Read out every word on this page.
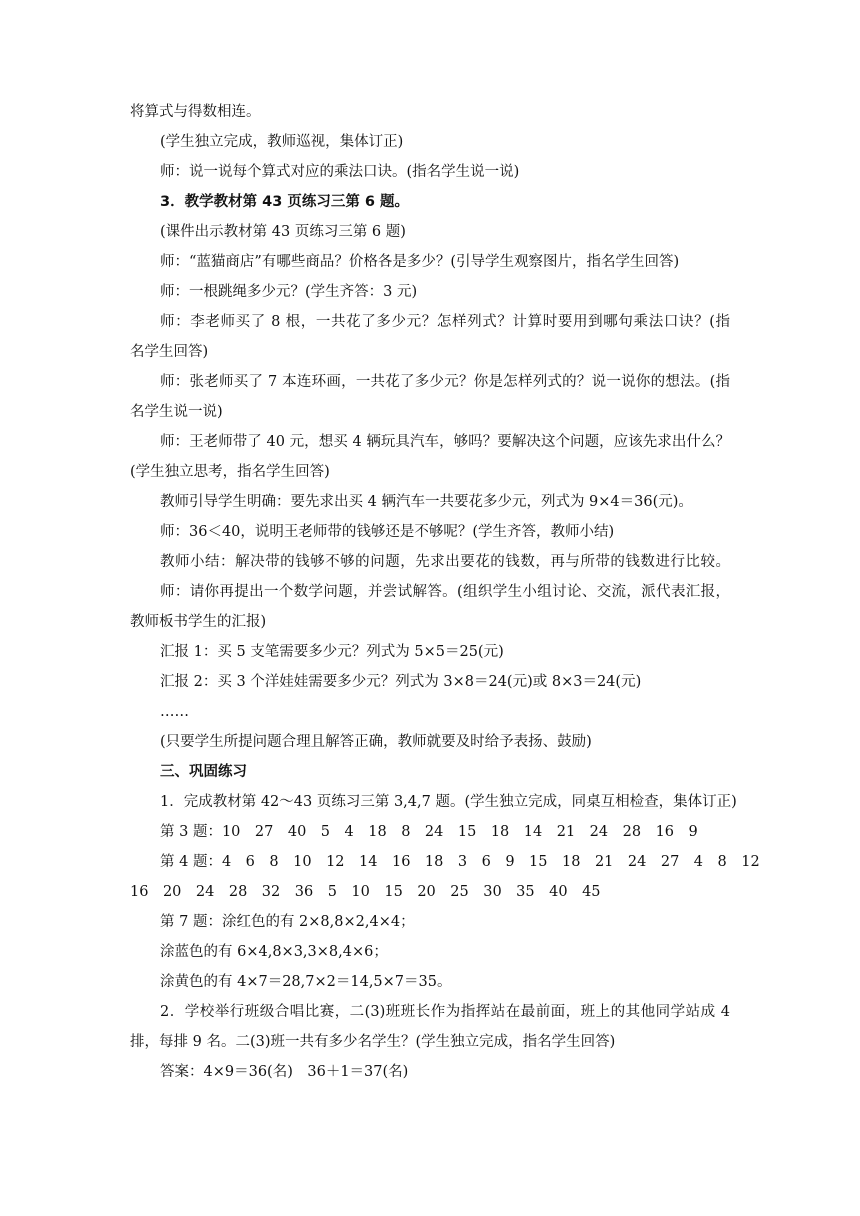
将算式与得数相连。
(学生独立完成，教师巡视，集体订正)
师：说一说每个算式对应的乘法口诀。(指名学生说一说)
3．教学教材第 43 页练习三第 6 题。
(课件出示教材第 43 页练习三第 6 题)
师：“蓝猫商店”有哪些商品？价格各是多少？(引导学生观察图片，指名学生回答)
师：一根跳绳多少元？(学生齐答：3 元)
师：李老师买了 8 根，一共花了多少元？怎样列式？计算时要用到哪句乘法口诀？(指
名学生回答)
师：张老师买了 7 本连环画，一共花了多少元？你是怎样列式的？说一说你的想法。(指
名学生说一说)
师：王老师带了 40 元，想买 4 辆玩具汽车，够吗？要解决这个问题，应该先求出什么？
(学生独立思考，指名学生回答)
教师引导学生明确：要先求出买 4 辆汽车一共要花多少元，列式为 9×4＝36(元)。
师：36＜40，说明王老师带的钱够还是不够呢？(学生齐答，教师小结)
教师小结：解决带的钱够不够的问题，先求出要花的钱数，再与所带的钱数进行比较。
师：请你再提出一个数学问题，并尝试解答。(组织学生小组讨论、交流，派代表汇报，
教师板书学生的汇报)
汇报 1：买 5 支笔需要多少元？列式为 5×5＝25(元)
汇报 2：买 3 个洋娃娃需要多少元？列式为 3×8＝24(元)或 8×3＝24(元)
……
(只要学生所提问题合理且解答正确，教师就要及时给予表扬、鼓励)
三、巩固练习
1．完成教材第 42～43 页练习三第 3,4,7 题。(学生独立完成，同桌互相检查，集体订正)
第 3 题：10　27　40　5　4　18　8　24　15　18　14　21　24　28　16　9
第 4 题：4　6　8　10　12　14　16　18　3　6　9　15　18　21　24　27　4　8　12
16　20　24　28　32　36　5　10　15　20　25　30　35　40　45
第 7 题：涂红色的有 2×8,8×2,4×4；
涂蓝色的有 6×4,8×3,3×8,4×6；
涂黄色的有 4×7＝28,7×2＝14,5×7＝35。
2．学校举行班级合唱比赛，二(3)班班长作为指挥站在最前面，班上的其他同学站成 4
排，每排 9 名。二(3)班一共有多少名学生？(学生独立完成，指名学生回答)
答案：4×9＝36(名)　36＋1＝37(名)
